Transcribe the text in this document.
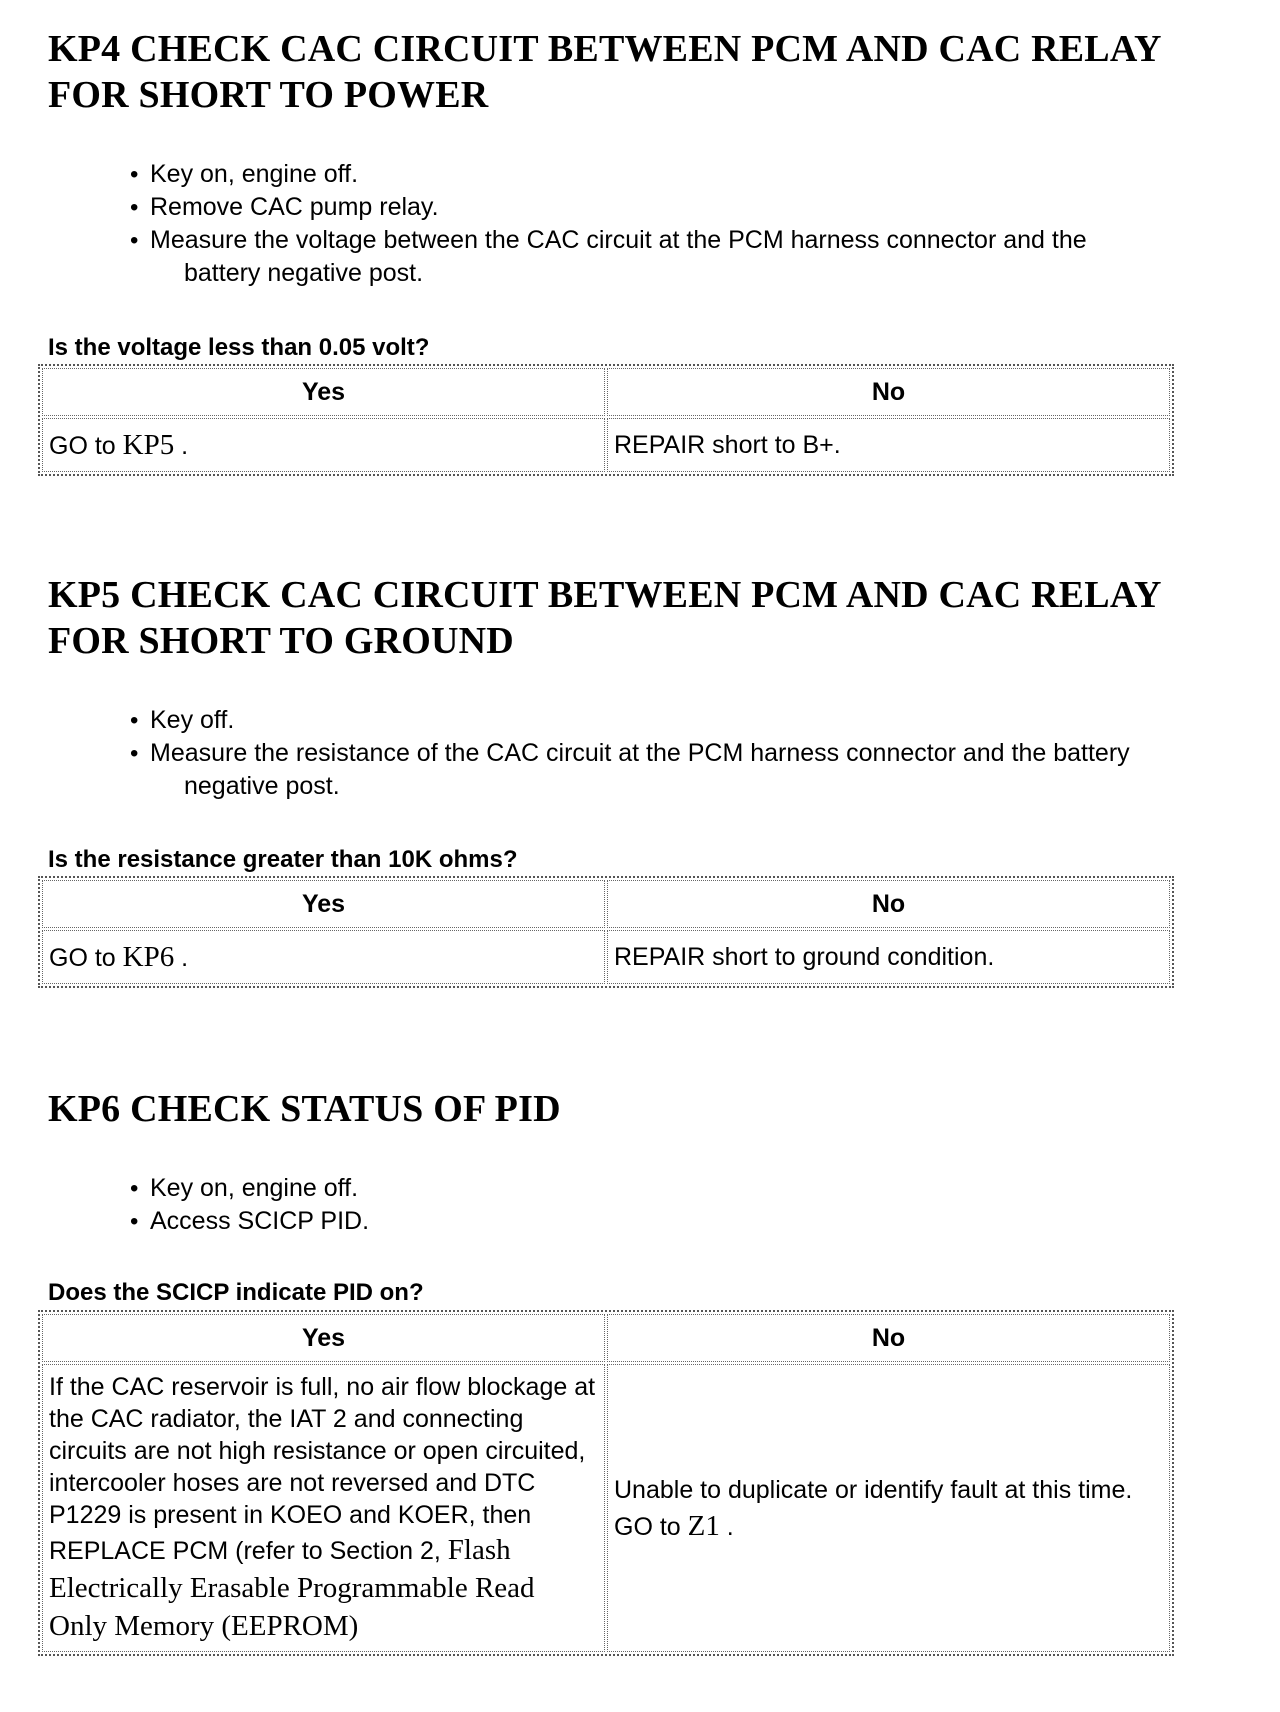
KP4 CHECK CAC CIRCUIT BETWEEN PCM AND CAC RELAY
FOR SHORT TO POWER
• Key on, engine off.
• Remove CAC pump relay.
• Measure the voltage between the CAC circuit at the PCM harness connector and the
battery negative post.

Is the voltage less than 0.05 volt?

Yes	No
GO to KP5 .	REPAIR short to B+.
KP5 CHECK CAC CIRCUIT BETWEEN PCM AND CAC RELAY
FOR SHORT TO GROUND
• Key off.
• Measure the resistance of the CAC circuit at the PCM harness connector and the battery
negative post.

Is the resistance greater than 10K ohms?

Yes	No
GO to KP6 .	REPAIR short to ground condition.
KP6 CHECK STATUS OF PID
• Key on, engine off.
• Access SCICP PID.

Does the SCICP indicate PID on?

Yes	No
If the CAC reservoir is full, no air flow blockage at the CAC radiator, the IAT 2 and connecting circuits are not high resistance or open circuited, intercooler hoses are not reversed and DTC P1229 is present in KOEO and KOER, then REPLACE PCM (refer to Section 2, Flash Electrically Erasable Programmable Read Only Memory (EEPROM)	Unable to duplicate or identify fault at this time. GO to Z1 .
